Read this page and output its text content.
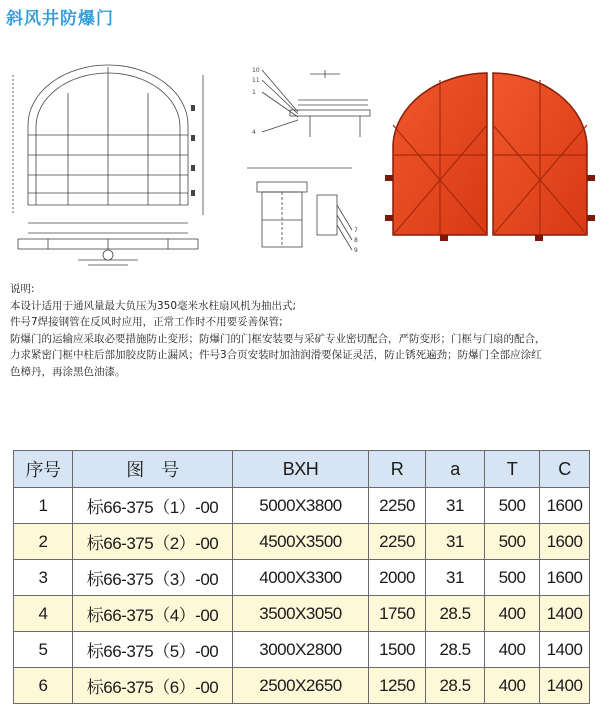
斜风井防爆门
10
11
1
4
7
8
9
说明:
本设计适用于通风量最大负压为350毫米水柱扇风机为抽出式;
件号7焊接钢管在反风时应用，正常工作时不用要妥善保管;
防爆门的运输应采取必要措施防止变形；防爆门的门框安装要与采矿专业密切配合，严防变形；门框与门扇的配合，
力求紧密门框中柱后部加胶皮防止漏风；件号3合页安装时加油润滑要保证灵活，防止锈死遍劲；防爆门全部应涂红
色樟丹，再涂黑色油漆。
序号	图　号	BXH	R	a	T	C
1	标66-375（1）-00	5000X3800	2250	31	500	1600
2	标66-375（2）-00	4500X3500	2250	31	500	1600
3	标66-375（3）-00	4000X3300	2000	31	500	1600
4	标66-375（4）-00	3500X3050	1750	28.5	400	1400
5	标66-375（5）-00	3000X2800	1500	28.5	400	1400
6	标66-375（6）-00	2500X2650	1250	28.5	400	1400
